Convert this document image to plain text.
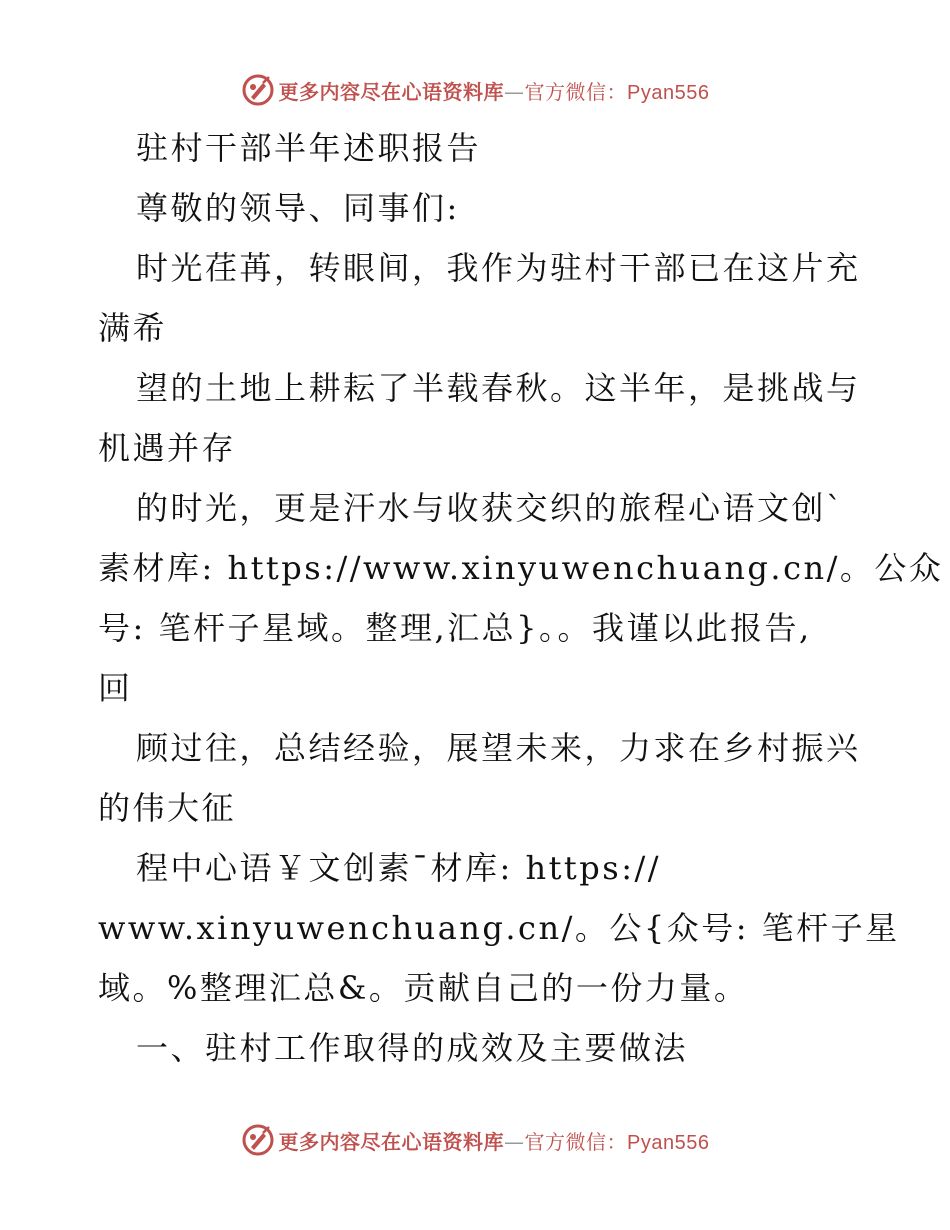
更多内容尽在心语资料库—官方微信：Pyan556
驻村干部半年述职报告
尊敬的领导、同事们:
时光荏苒，转眼间，我作为驻村干部已在这片充
满希
望的土地上耕耘了半载春秋。这半年，是挑战与
机遇并存
的时光，更是汗水与收获交织的旅程心语文创`
素材库: https://www.xinyuwenchuang.cn/。公众
号: 笔杆子星域。整理,汇总}。。我谨以此报告,
回
顾过往，总结经验，展望未来，力求在乡村振兴
的伟大征
程中心语￥文创素¯材库: https://
www.xinyuwenchuang.cn/。公{众号: 笔杆子星
域。%整理汇总&。贡献自己的一份力量。
一、驻村工作取得的成效及主要做法
更多内容尽在心语资料库—官方微信：Pyan556
